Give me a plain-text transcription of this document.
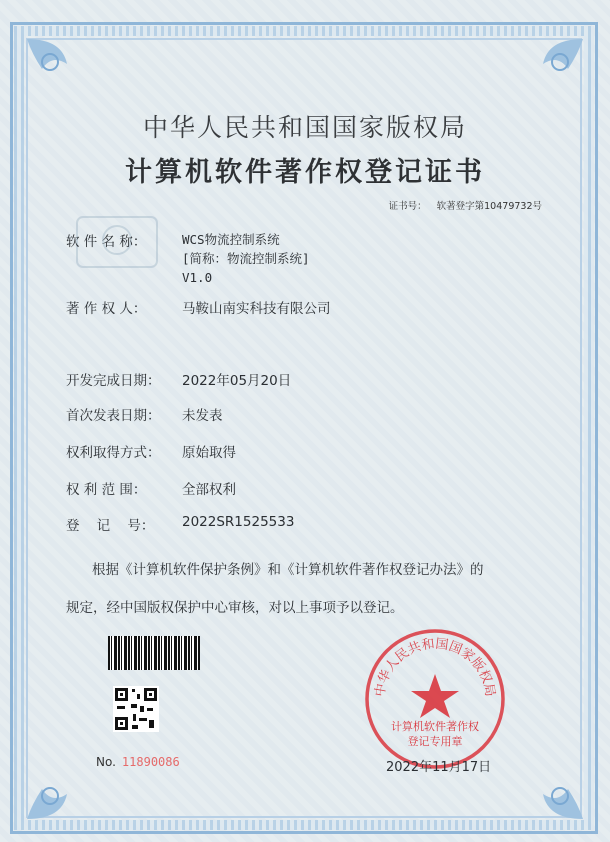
中华人民共和国国家版权局
计算机软件著作权登记证书
证书号： 软著登字第10479732号
软 件 名 称：	WCS物流控制系统
[简称：物流控制系统]
V1.0
著 作 权 人：	马鞍山南实科技有限公司
开发完成日期： 2022年05月20日
首次发表日期： 未发表
权利取得方式： 原始取得
权 利 范 围：	全部权利
登    记    号： 2022SR1525533
根据《计算机软件保护条例》和《计算机软件著作权登记办法》的
规定，经中国版权保护中心审核，对以上事项予以登记。
No. 11890086
中华人民共和国国家版权局
计算机软件著作权
登记专用章
2022年11月17日
